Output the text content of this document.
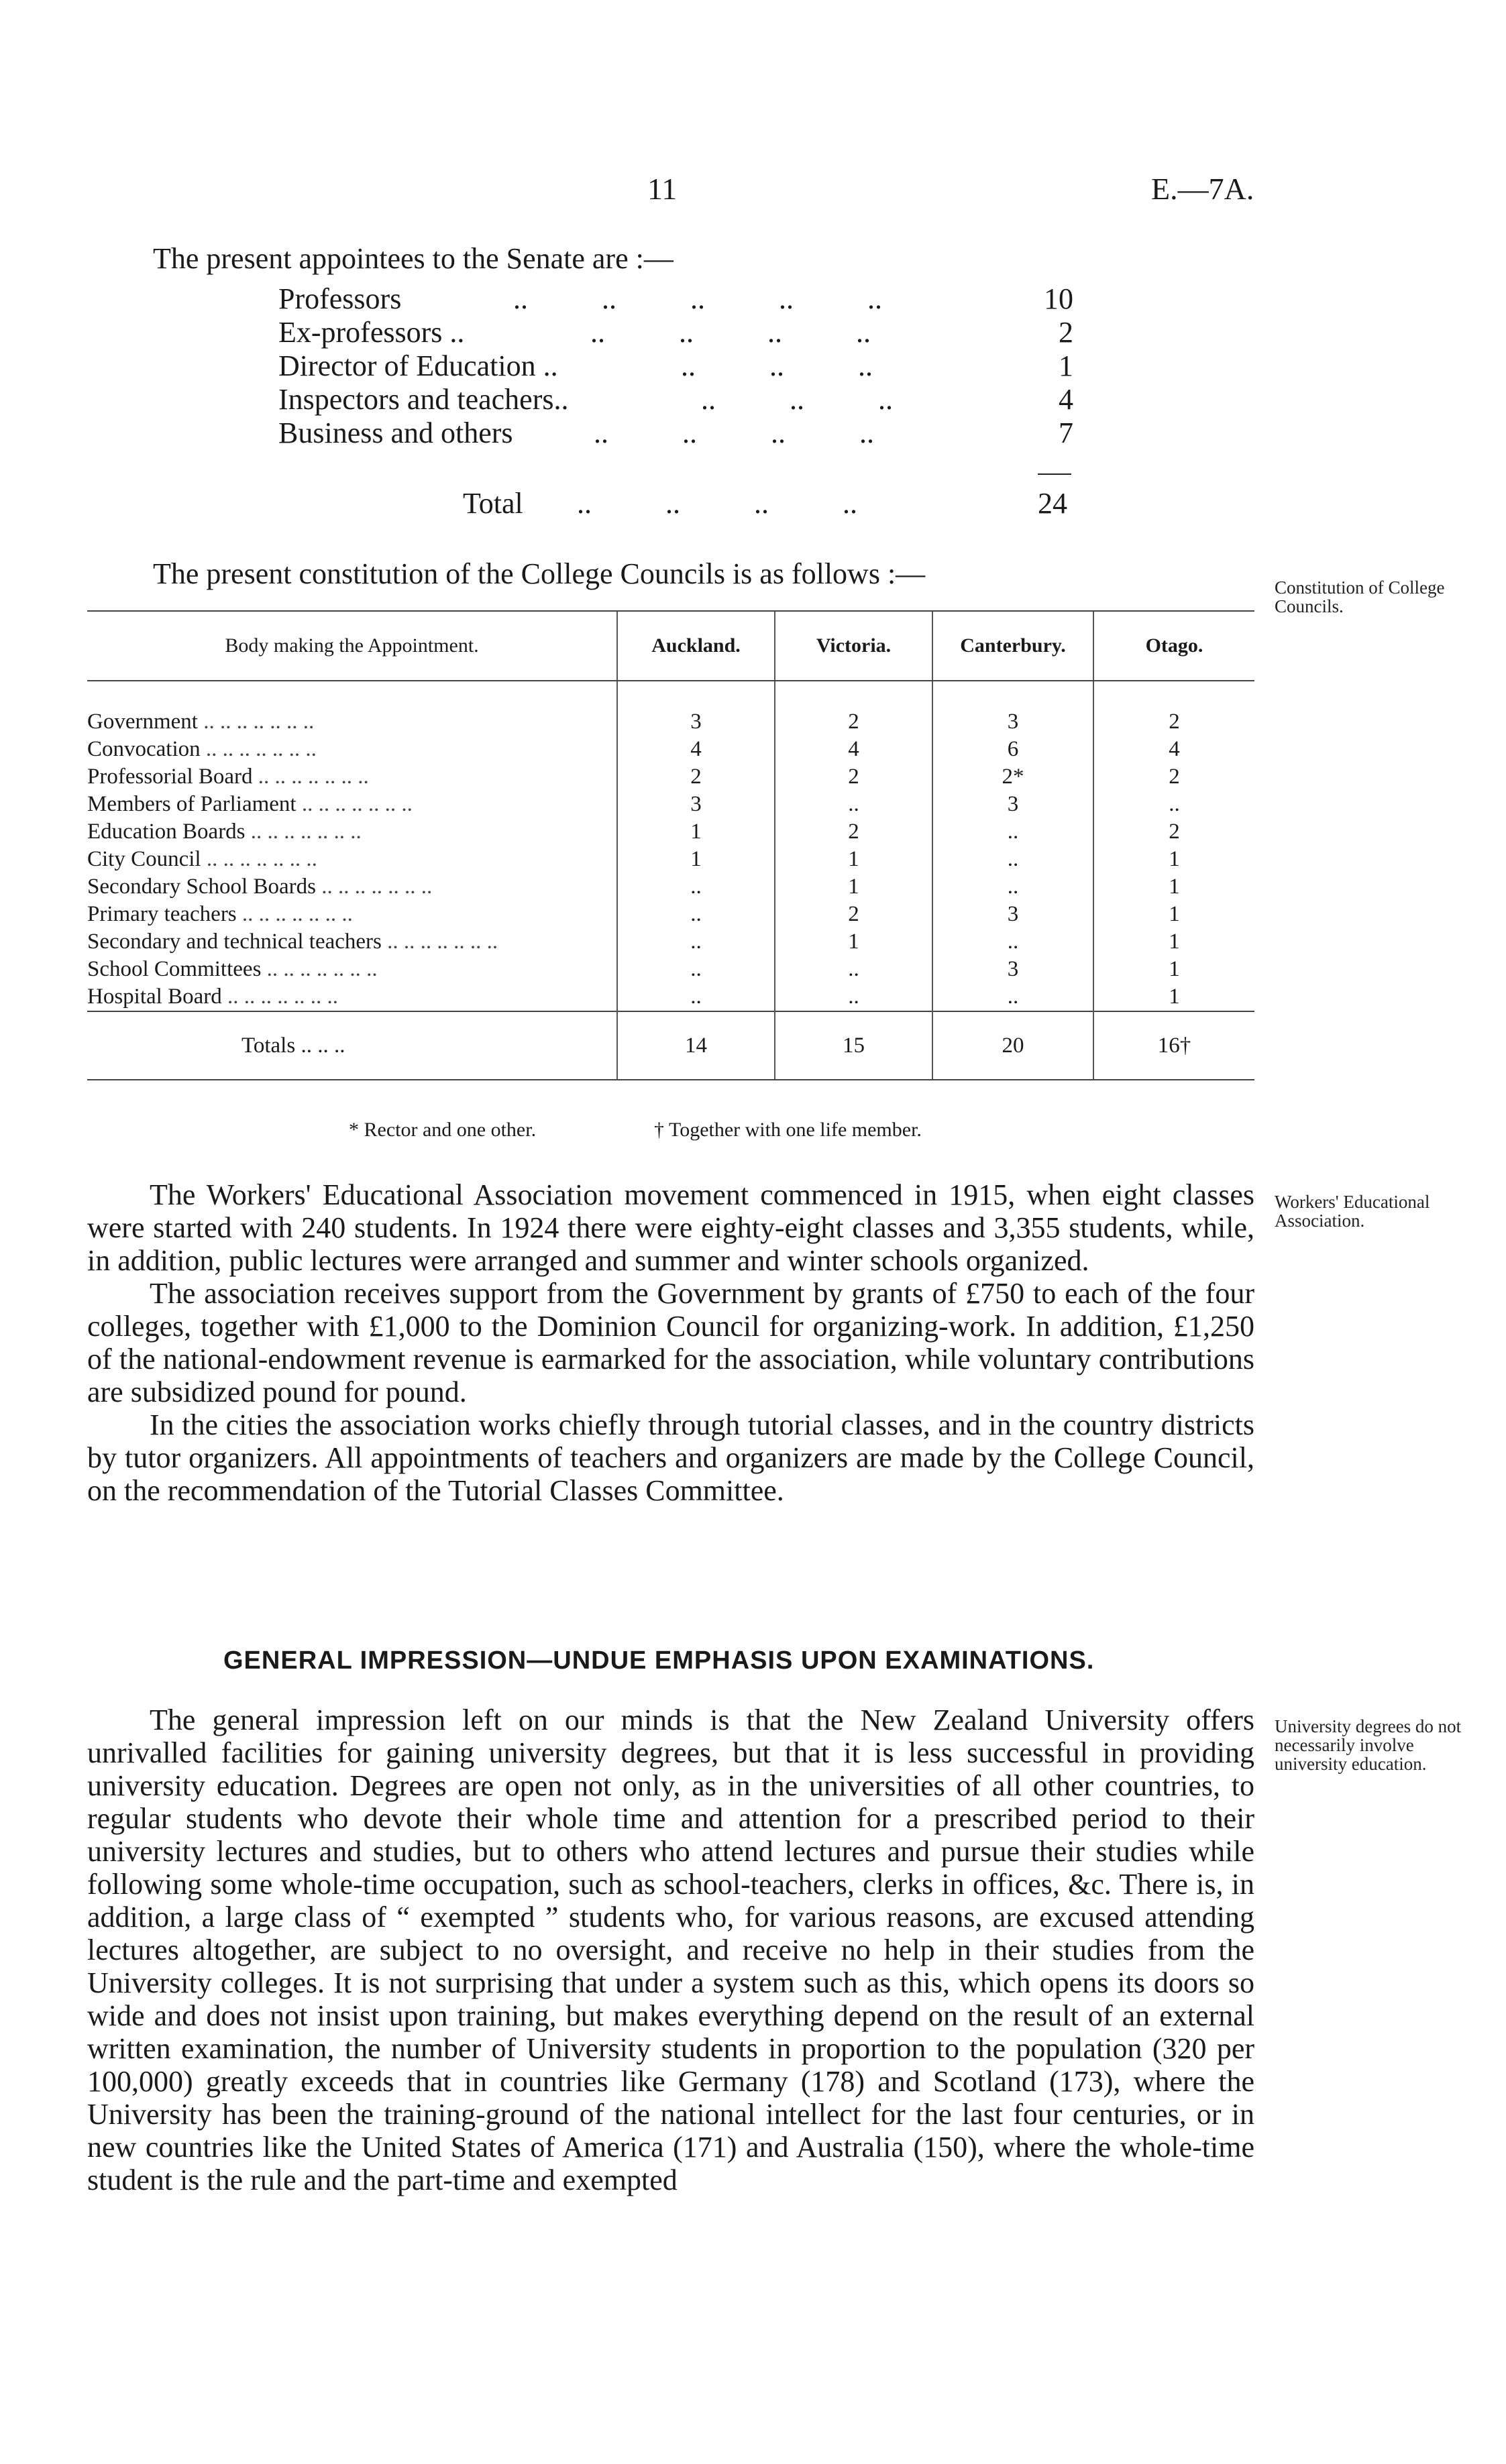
11	E.—7A.
The present appointees to the Senate are :—
Professors	..          ..          ..          ..          ..	10
Ex-professors ..	..          ..          ..          ..	2
Director of Education ..	..          ..          ..	1
Inspectors and teachers..	..          ..          ..	4
Business and others	..          ..          ..          ..	7
Total ..          ..          ..          ..	24
The present constitution of the College Councils is as follows :—	Constitution of College Councils.
Body making the Appointment.	Auckland.	Victoria.	Canterbury.	Otago.

Government .. .. .. .. .. .. ..	3	2	3	2

Convocation .. .. .. .. .. .. ..	4	4	6	4

Professorial Board .. .. .. .. .. .. ..	2	2	2*	2

Members of Parliament .. .. .. .. .. .. ..	3	..	3	..

Education Boards .. .. .. .. .. .. ..	1	2	..	2

City Council .. .. .. .. .. .. ..	1	1	..	1

Secondary School Boards .. .. .. .. .. .. ..	..	1	..	1

Primary teachers .. .. .. .. .. .. ..	..	2	3	1

Secondary and technical teachers .. .. .. .. .. .. ..	..	1	..	1

School Committees .. .. .. .. .. .. ..	..	..	3	1

Hospital Board .. .. .. .. .. .. ..	..	..	..	1
Totals .. .. ..	14	15	20	16†
* Rector and one other.	† Together with one life member.
Workers' Educational Association.

The Workers' Educational Association movement commenced in 1915, when eight classes were started with 240 students. In 1924 there were eighty-eight classes and 3,355 students, while, in addition, public lectures were arranged and summer and winter schools organized.

The association receives support from the Government by grants of £750 to each of the four colleges, together with £1,000 to the Dominion Council for organizing-work. In addition, £1,250 of the national-endowment revenue is earmarked for the association, while voluntary contributions are subsidized pound for pound.

In the cities the association works chiefly through tutorial classes, and in the country districts by tutor organizers. All appointments of teachers and organizers are made by the College Council, on the recommendation of the Tutorial Classes Committee.

GENERAL IMPRESSION—UNDUE EMPHASIS UPON EXAMINATIONS.
University degrees do not necessarily involve university education.

The general impression left on our minds is that the New Zealand University offers unrivalled facilities for gaining university degrees, but that it is less successful in providing university education. Degrees are open not only, as in the universities of all other countries, to regular students who devote their whole time and attention for a prescribed period to their university lectures and studies, but to others who attend lectures and pursue their studies while following some whole-time occupation, such as school-teachers, clerks in offices, &c. There is, in addition, a large class of “ exempted ” students who, for various reasons, are excused attending lectures altogether, are subject to no oversight, and receive no help in their studies from the University colleges. It is not surprising that under a system such as this, which opens its doors so wide and does not insist upon training, but makes everything depend on the result of an external written examination, the number of University students in proportion to the population (320 per 100,000) greatly exceeds that in countries like Germany (178) and Scotland (173), where the University has been the training-ground of the national intellect for the last four centuries, or in new countries like the United States of America (171) and Australia (150), where the whole-time student is the rule and the part-time and exempted
